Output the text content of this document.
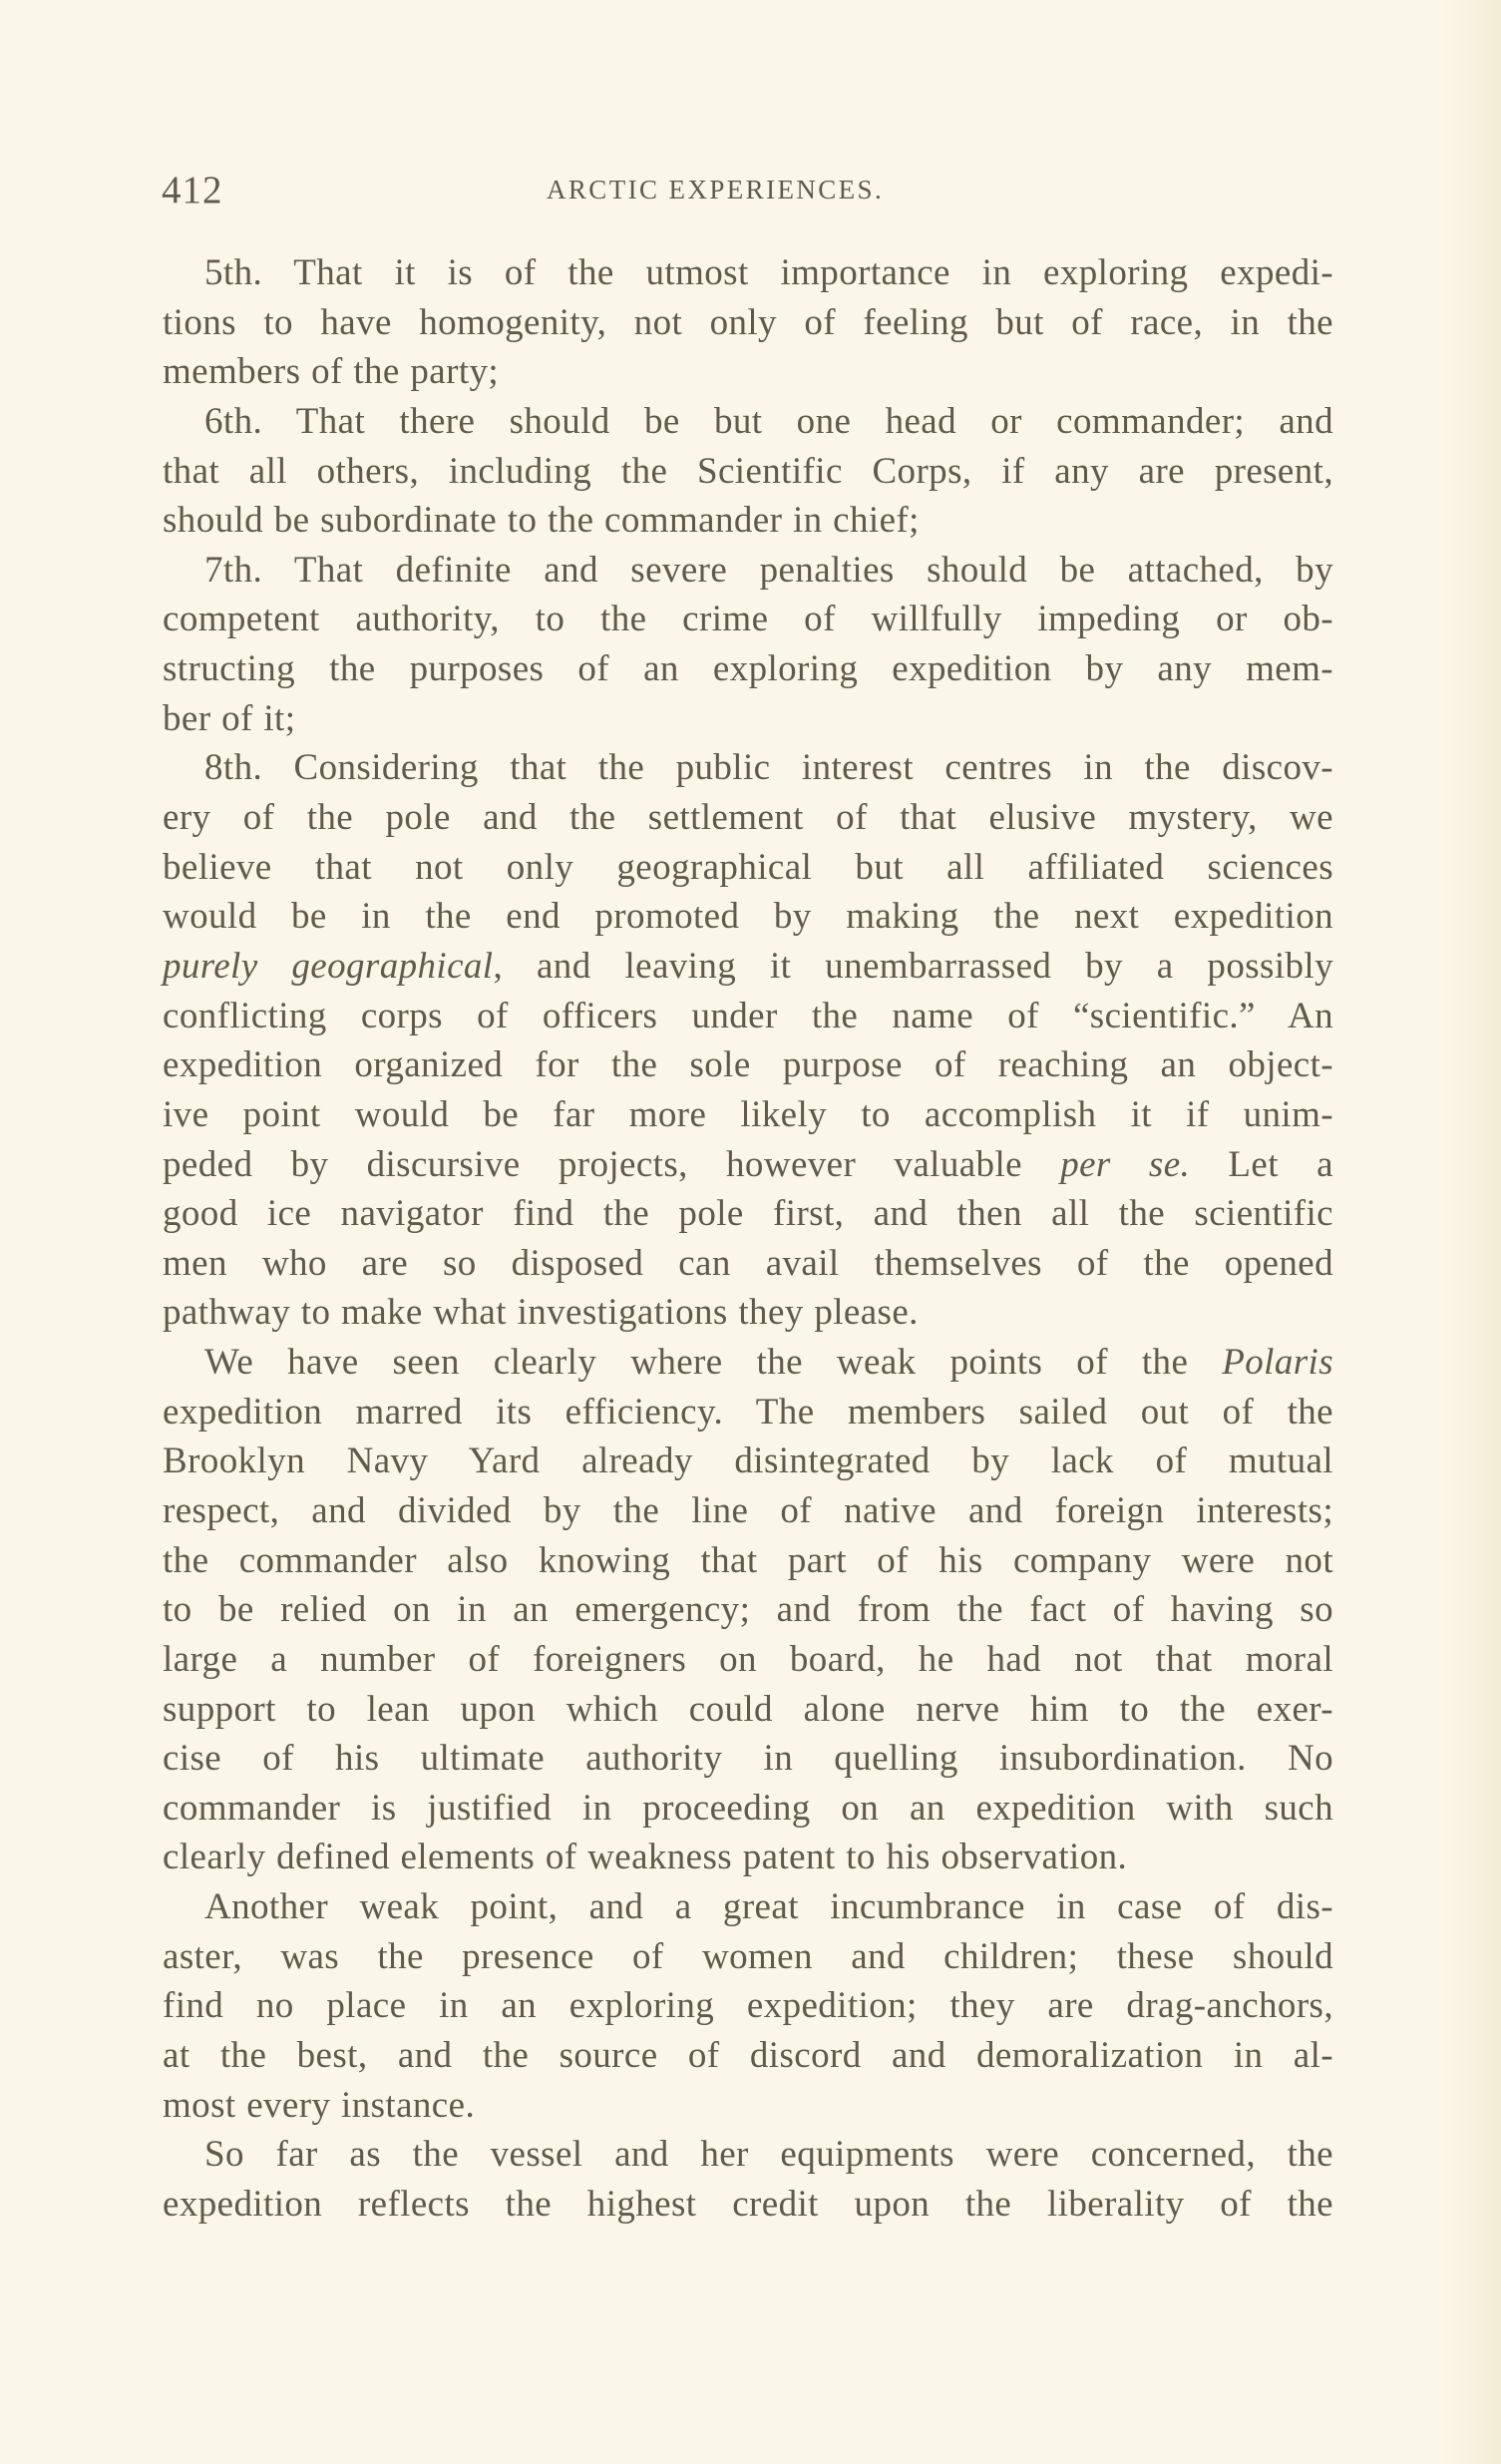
412	ARCTIC EXPERIENCES.
5th. That it is of the utmost importance in exploring expedi-
tions to have homogenity, not only of feeling but of race, in the
members of the party;
6th. That there should be but one head or commander; and
that all others, including the Scientific Corps, if any are present,
should be subordinate to the commander in chief;
7th. That definite and severe penalties should be attached, by
competent authority, to the crime of willfully impeding or ob-
structing the purposes of an exploring expedition by any mem-
ber of it;
8th. Considering that the public interest centres in the discov-
ery of the pole and the settlement of that elusive mystery, we
believe that not only geographical but all affiliated sciences
would be in the end promoted by making the next expedition
purely geographical, and leaving it unembarrassed by a possibly
conflicting corps of officers under the name of “scientific.” An
expedition organized for the sole purpose of reaching an object-
ive point would be far more likely to accomplish it if unim-
peded by discursive projects, however valuable per se. Let a
good ice navigator find the pole first, and then all the scientific
men who are so disposed can avail themselves of the opened
pathway to make what investigations they please.
We have seen clearly where the weak points of the Polaris
expedition marred its efficiency. The members sailed out of the
Brooklyn Navy Yard already disintegrated by lack of mutual
respect, and divided by the line of native and foreign interests;
the commander also knowing that part of his company were not
to be relied on in an emergency; and from the fact of having so
large a number of foreigners on board, he had not that moral
support to lean upon which could alone nerve him to the exer-
cise of his ultimate authority in quelling insubordination. No
commander is justified in proceeding on an expedition with such
clearly defined elements of weakness patent to his observation.
Another weak point, and a great incumbrance in case of dis-
aster, was the presence of women and children; these should
find no place in an exploring expedition; they are drag-anchors,
at the best, and the source of discord and demoralization in al-
most every instance.
So far as the vessel and her equipments were concerned, the
expedition reflects the highest credit upon the liberality of the
